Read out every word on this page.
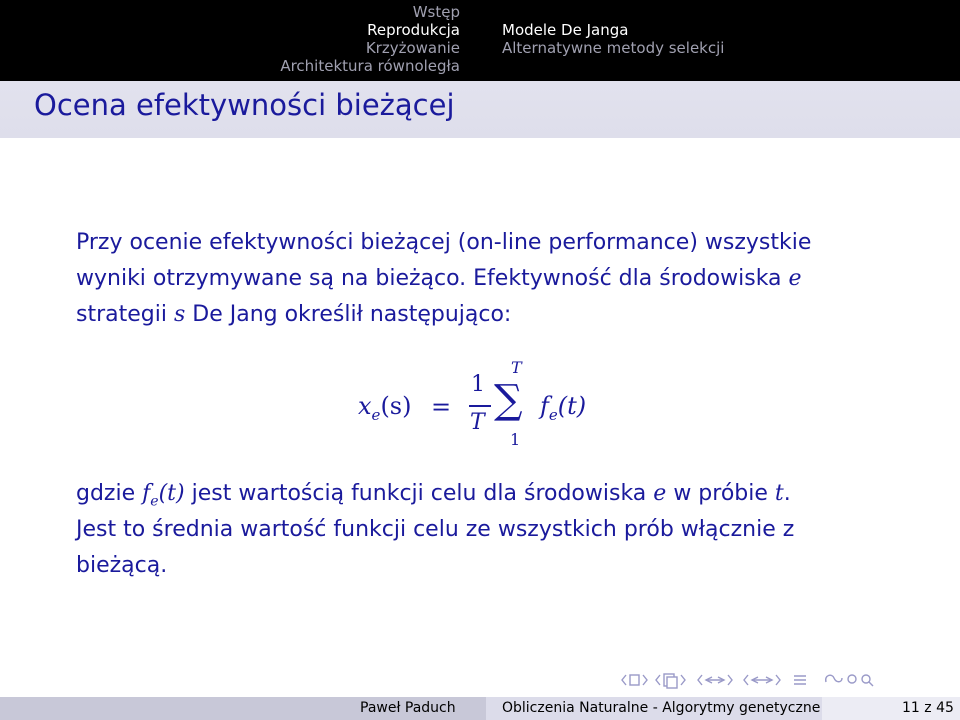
Wstęp
Reprodukcja
Krzyżowanie
Architektura równoległa
Modele De Janga
Alternatywne metody selekcji
Ocena efektywności bieżącej
Przy ocenie efektywności bieżącej (on-line performance) wszystkie
wyniki otrzymywane są na bieżąco. Efektywność dla środowiska e
strategii s De Jang określił następująco:
$x_e(s)$ =
1
T
T
∑
1
$f_e(t)$
gdzie $f_e(t)$ jest wartością funkcji celu dla środowiska e w próbie t.
Jest to średnia wartość funkcji celu ze wszystkich prób włącznie z
bieżącą.
Paweł Paduch	Obliczenia Naturalne - Algorytmy genetyczne	11 z 45
